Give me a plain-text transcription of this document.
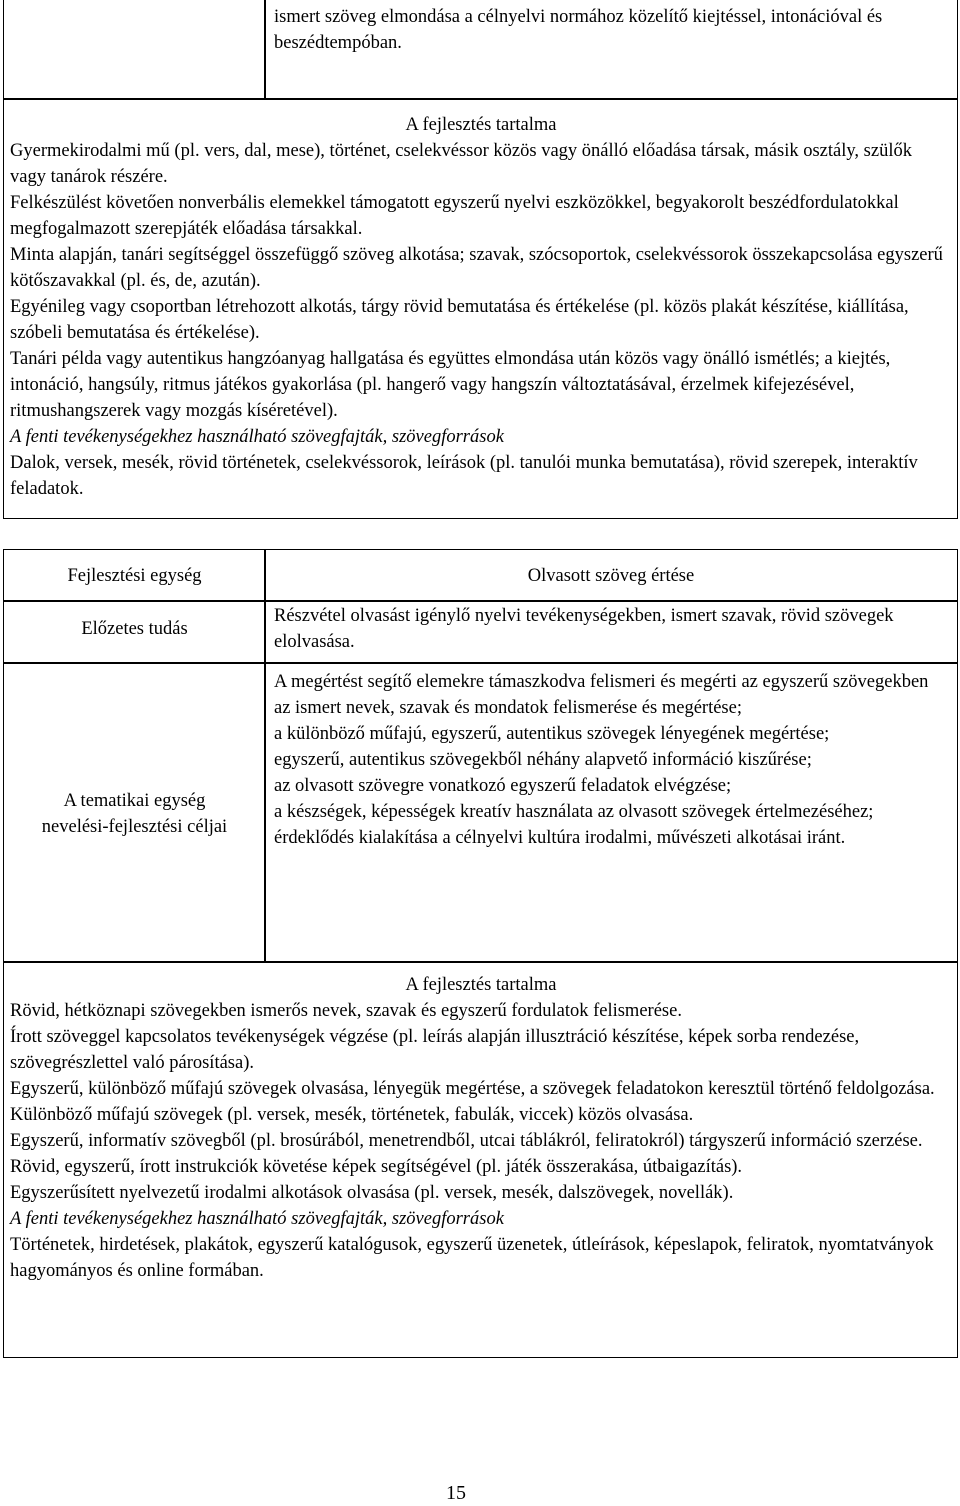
ismert szöveg elmondása a célnyelvi normához közelítő kiejtéssel, intonációval és beszédtempóban.

A fejlesztés tartalma

Gyermekirodalmi mű (pl. vers, dal, mese), történet, cselekvéssor közös vagy önálló előadása társak, másik osztály, szülők vagy tanárok részére.

Felkészülést követően nonverbális elemekkel támogatott egyszerű nyelvi eszközökkel, begyakorolt beszédfordulatokkal megfogalmazott szerepjáték előadása társakkal.

Minta alapján, tanári segítséggel összefüggő szöveg alkotása; szavak, szócsoportok, cselekvéssorok összekapcsolása egyszerű kötőszavakkal (pl. és, de, azután).

Egyénileg vagy csoportban létrehozott alkotás, tárgy rövid bemutatása és értékelése (pl. közös plakát készítése, kiállítása, szóbeli bemutatása és értékelése).

Tanári példa vagy autentikus hangzóanyag hallgatása és együttes elmondása után közös vagy önálló ismétlés; a kiejtés, intonáció, hangsúly, ritmus játékos gyakorlása (pl. hangerő vagy hangszín változtatásával, érzelmek kifejezésével, ritmushangszerek vagy mozgás kíséretével).

A fenti tevékenységekhez használható szövegfajták, szövegforrások

Dalok, versek, mesék, rövid történetek, cselekvéssorok, leírások (pl. tanulói munka bemutatása), rövid szerepek, interaktív feladatok.

Fejlesztési egység	Olvasott szöveg értése

Előzetes tudás

Részvétel olvasást igénylő nyelvi tevékenységekben, ismert szavak, rövid szövegek elolvasása.

A tematikai egység

nevelési-fejlesztési céljai

A megértést segítő elemekre támaszkodva felismeri és megérti az egyszerű szövegekben az ismert nevek, szavak és mondatok felismerése és megértése;

a különböző műfajú, egyszerű, autentikus szövegek lényegének megértése;

egyszerű, autentikus szövegekből néhány alapvető információ kiszűrése;

az olvasott szövegre vonatkozó egyszerű feladatok elvégzése;

a készségek, képességek kreatív használata az olvasott szövegek értelmezéséhez;

érdeklődés kialakítása a célnyelvi kultúra irodalmi, művészeti alkotásai iránt.

A fejlesztés tartalma

Rövid, hétköznapi szövegekben ismerős nevek, szavak és egyszerű fordulatok felismerése.

Írott szöveggel kapcsolatos tevékenységek végzése (pl. leírás alapján illusztráció készítése, képek sorba rendezése, szövegrészlettel való párosítása).

Egyszerű, különböző műfajú szövegek olvasása, lényegük megértése, a szövegek feladatokon keresztül történő feldolgozása.

Különböző műfajú szövegek (pl. versek, mesék, történetek, fabulák, viccek) közös olvasása.

Egyszerű, informatív szövegből (pl. brosúrából, menetrendből, utcai táblákról, feliratokról) tárgyszerű információ szerzése.

Rövid, egyszerű, írott instrukciók követése képek segítségével (pl. játék összerakása, útbaigazítás).

Egyszerűsített nyelvezetű irodalmi alkotások olvasása (pl. versek, mesék, dalszövegek, novellák).

A fenti tevékenységekhez használható szövegfajták, szövegforrások

Történetek, hirdetések, plakátok, egyszerű katalógusok, egyszerű üzenetek, útleírások, képeslapok, feliratok, nyomtatványok hagyományos és online formában.

15
